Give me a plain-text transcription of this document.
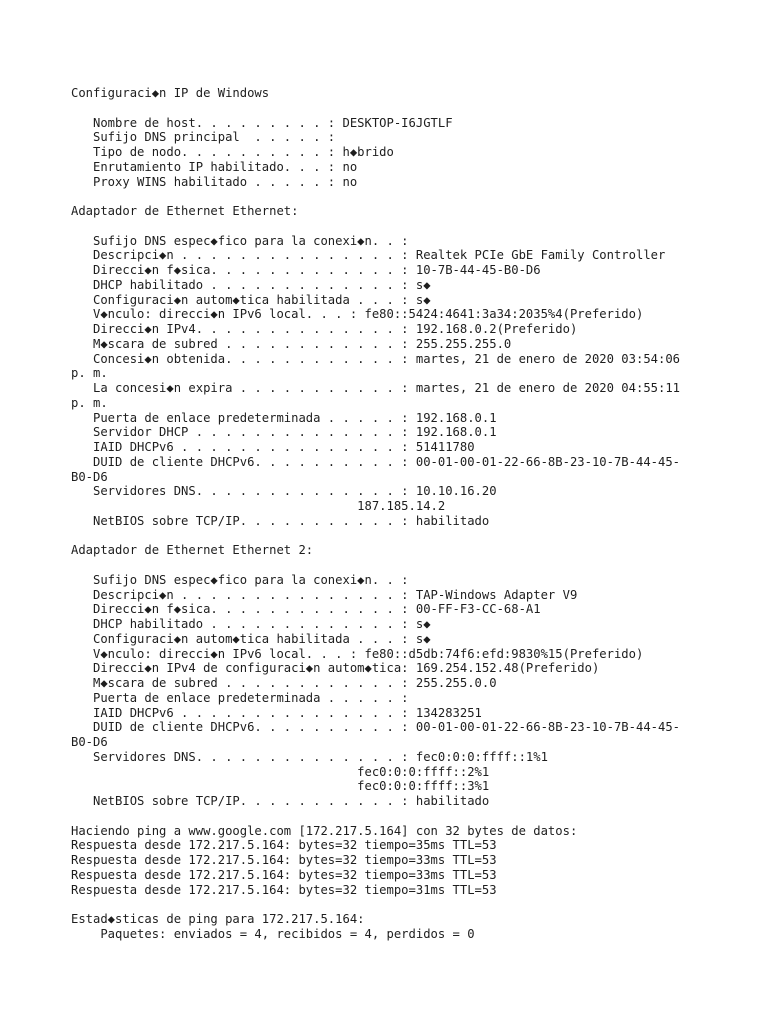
Configuraci◆n IP de Windows
Nombre de host. . . . . . . . . : DESKTOP-I6JGTLF
Sufijo DNS principal  . . . . . :
Tipo de nodo. . . . . . . . . . : h◆brido
Enrutamiento IP habilitado. . . : no
Proxy WINS habilitado . . . . . : no
Adaptador de Ethernet Ethernet:
Sufijo DNS espec◆fico para la conexi◆n. . :
Descripci◆n . . . . . . . . . . . . . . . : Realtek PCIe GbE Family Controller
Direcci◆n f◆sica. . . . . . . . . . . . . : 10-7B-44-45-B0-D6
DHCP habilitado . . . . . . . . . . . . . : s◆
Configuraci◆n autom◆tica habilitada . . . : s◆
V◆nculo: direcci◆n IPv6 local. . . : fe80::5424:4641:3a34:2035%4(Preferido)
Direcci◆n IPv4. . . . . . . . . . . . . . : 192.168.0.2(Preferido)
M◆scara de subred . . . . . . . . . . . . : 255.255.255.0
Concesi◆n obtenida. . . . . . . . . . . . : martes, 21 de enero de 2020 03:54:06
p. m.
La concesi◆n expira . . . . . . . . . . . : martes, 21 de enero de 2020 04:55:11
p. m.
Puerta de enlace predeterminada . . . . . : 192.168.0.1
Servidor DHCP . . . . . . . . . . . . . . : 192.168.0.1
IAID DHCPv6 . . . . . . . . . . . . . . . : 51411780
DUID de cliente DHCPv6. . . . . . . . . . : 00-01-00-01-22-66-8B-23-10-7B-44-45-
B0-D6
Servidores DNS. . . . . . . . . . . . . . : 10.10.16.20
187.185.14.2
NetBIOS sobre TCP/IP. . . . . . . . . . . : habilitado
Adaptador de Ethernet Ethernet 2:
Sufijo DNS espec◆fico para la conexi◆n. . :
Descripci◆n . . . . . . . . . . . . . . . : TAP-Windows Adapter V9
Direcci◆n f◆sica. . . . . . . . . . . . . : 00-FF-F3-CC-68-A1
DHCP habilitado . . . . . . . . . . . . . : s◆
Configuraci◆n autom◆tica habilitada . . . : s◆
V◆nculo: direcci◆n IPv6 local. . . : fe80::d5db:74f6:efd:9830%15(Preferido)
Direcci◆n IPv4 de configuraci◆n autom◆tica: 169.254.152.48(Preferido)
M◆scara de subred . . . . . . . . . . . . : 255.255.0.0
Puerta de enlace predeterminada . . . . . :
IAID DHCPv6 . . . . . . . . . . . . . . . : 134283251
DUID de cliente DHCPv6. . . . . . . . . . : 00-01-00-01-22-66-8B-23-10-7B-44-45-
B0-D6
Servidores DNS. . . . . . . . . . . . . . : fec0:0:0:ffff::1%1
fec0:0:0:ffff::2%1
fec0:0:0:ffff::3%1
NetBIOS sobre TCP/IP. . . . . . . . . . . : habilitado
Haciendo ping a www.google.com [172.217.5.164] con 32 bytes de datos:
Respuesta desde 172.217.5.164: bytes=32 tiempo=35ms TTL=53
Respuesta desde 172.217.5.164: bytes=32 tiempo=33ms TTL=53
Respuesta desde 172.217.5.164: bytes=32 tiempo=33ms TTL=53
Respuesta desde 172.217.5.164: bytes=32 tiempo=31ms TTL=53
Estad◆sticas de ping para 172.217.5.164:
Paquetes: enviados = 4, recibidos = 4, perdidos = 0
